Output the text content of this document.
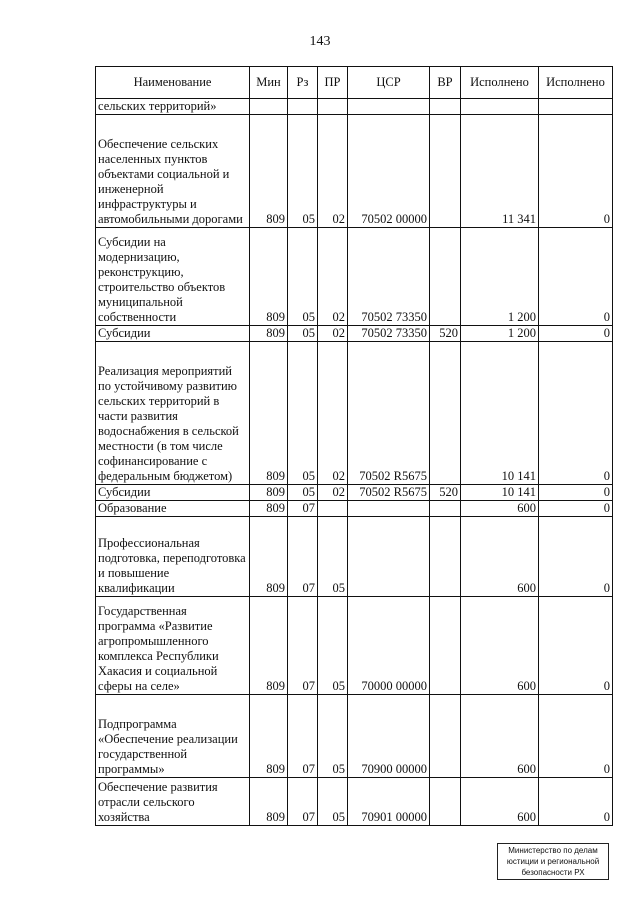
143
Наименование	Мин	Рз	ПР	ЦСР	ВР	Исполнено	Исполнено

сельских территорий»							

Обеспечение сельских населенных пунктов объектами социальной и инженерной инфраструктуры и автомобильными дорогами	809	05	02	70502 00000		11 341	0

Субсидии на модернизацию, реконструкцию, строительство объектов муниципальной собственности	809	05	02	70502 73350		1 200	0

Субсидии	809	05	02	70502 73350	520	1 200	0

Реализация мероприятий по устойчивому развитию сельских территорий в части развития водоснабжения в сельской местности (в том числе софинансирование с федеральным бюджетом)	809	05	02	70502 R5675		10 141	0

Субсидии	809	05	02	70502 R5675	520	10 141	0

Образование	809	07				600	0

Профессиональная подготовка, переподготовка и повышение квалификации	809	07	05			600	0

Государственная программа «Развитие агропромышленного комплекса Республики Хакасия и социальной сферы на селе»	809	07	05	70000 00000		600	0

Подпрограмма «Обеспечение реализации государственной программы»	809	07	05	70900 00000		600	0

Обеспечение развития отрасли сельского хозяйства	809	07	05	70901 00000		600	0
Министерство по делам юстиции и региональной безопасности РХ
